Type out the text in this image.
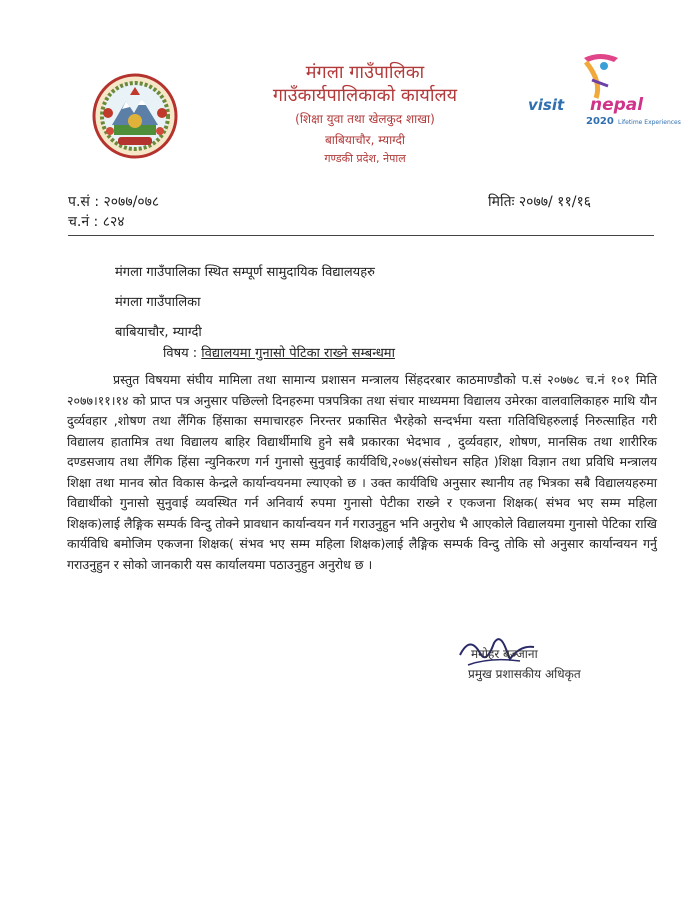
मंगला गाउँपालिका
गाउँकार्यपालिकाको कार्यालय
(शिक्षा युवा तथा खेलकुद शाखा)
बाबियाचौर, म्याग्दी
गण्डकी प्रदेश, नेपाल
visit nepal
2020 Lifetime Experiences
प.सं : २०७७/०७८
च.नं : ८२४
मितिः २०७७/ ११/१६
मंगला गाउँपालिका स्थित सम्पूर्ण सामुदायिक विद्यालयहरु
मंगला गाउँपालिका
बाबियाचौर, म्याग्दी
विषय : विद्यालयमा गुनासो पेटिका राख्ने सम्बन्धमा
प्रस्तुत विषयमा संघीय मामिला तथा सामान्य प्रशासन मन्त्रालय सिंहदरबार काठमाण्डौको प.सं २०७७८ च.नं १०१ मिति २०७७।११।१४ को प्राप्त पत्र अनुसार पछिल्लो दिनहरुमा पत्रपत्रिका तथा संचार माध्यममा विद्यालय उमेरका वालवालिकाहरु माथि यौन दुर्व्यवहार ,शोषण तथा लैंगिक हिंसाका समाचारहरु निरन्तर प्रकासित भैरहेको सन्दर्भमा यस्ता गतिविधिहरुलाई निरुत्साहित गरी विद्यालय हातामित्र तथा विद्यालय बाहिर विद्यार्थीमाथि हुने सबै प्रकारका भेदभाव , दुर्व्यवहार, शोषण, मानसिक तथा शारीरिक दण्डसजाय तथा लैंगिक हिंसा न्युनिकरण गर्न गुनासो सुनुवाई कार्यविधि,२०७४(संसोधन सहित )शिक्षा विज्ञान तथा प्रविधि मन्त्रालय शिक्षा तथा मानव स्रोत विकास केन्द्रले कार्यान्वयनमा ल्याएको छ । उक्त कार्यविधि अनुसार स्थानीय तह भित्रका सबै विद्यालयहरुमा विद्यार्थीको गुनासो सुनुवाई व्यवस्थित गर्न अनिवार्य रुपमा गुनासो पेटीका राख्ने र एकजना शिक्षक( संभव भए सम्म महिला शिक्षक)लाई लैङ्गिक सम्पर्क विन्दु तोक्ने प्रावधान कार्यान्वयन गर्न गराउनुहुन भनि अनुरोध भै आएकोले विद्यालयमा गुनासो पेटिका राखि कार्यविधि बमोजिम एकजना शिक्षक( संभव भए सम्म महिला शिक्षक)लाई लैङ्गिक सम्पर्क विन्दु तोकि सो अनुसार कार्यान्वयन गर्नु गराउनुहुन र सोको जानकारी यस कार्यालयमा पठाउनुहुन अनुरोध छ ।
मनोहर बञ्जाना
प्रमुख प्रशासकीय अधिकृत
